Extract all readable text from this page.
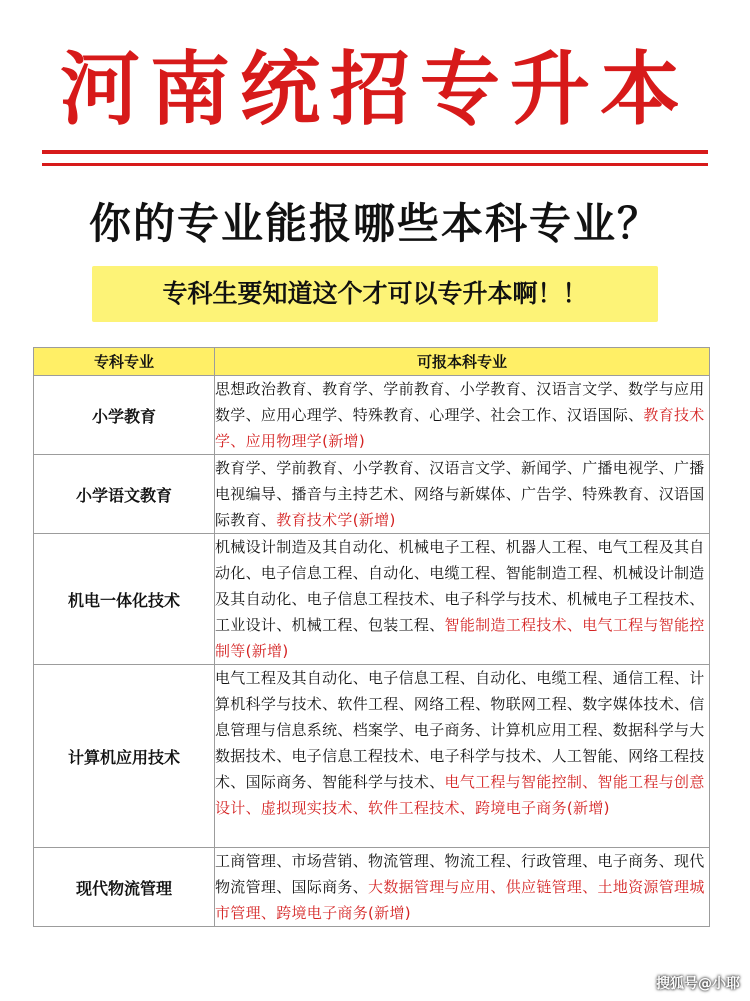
河南统招专升本
你的专业能报哪些本科专业？
专科生要知道这个才可以专升本啊！！
专科专业	可报本科专业
小学教育	思想政治教育、教育学、学前教育、小学教育、汉语言文学、数学与应用数学、应用心理学、特殊教育、心理学、社会工作、汉语国际、教育技术学、应用物理学(新增)
小学语文教育	教育学、学前教育、小学教育、汉语言文学、新闻学、广播电视学、广播电视编导、播音与主持艺术、网络与新媒体、广告学、特殊教育、汉语国际教育、教育技术学(新增)
机电一体化技术	机械设计制造及其自动化、机械电子工程、机器人工程、电气工程及其自动化、电子信息工程、自动化、电缆工程、智能制造工程、机械设计制造及其自动化、电子信息工程技术、电子科学与技术、机械电子工程技术、工业设计、机械工程、包装工程、智能制造工程技术、电气工程与智能控制等(新增)
计算机应用技术	电气工程及其自动化、电子信息工程、自动化、电缆工程、通信工程、计算机科学与技术、软件工程、网络工程、物联网工程、数字媒体技术、信息管理与信息系统、档案学、电子商务、计算机应用工程、数据科学与大数据技术、电子信息工程技术、电子科学与技术、人工智能、网络工程技术、国际商务、智能科学与技术、电气工程与智能控制、智能工程与创意设计、虚拟现实技术、软件工程技术、跨境电子商务(新增)
现代物流管理	工商管理、市场营销、物流管理、物流工程、行政管理、电子商务、现代物流管理、国际商务、大数据管理与应用、供应链管理、土地资源管理城市管理、跨境电子商务(新增)
搜狐号@小耶
